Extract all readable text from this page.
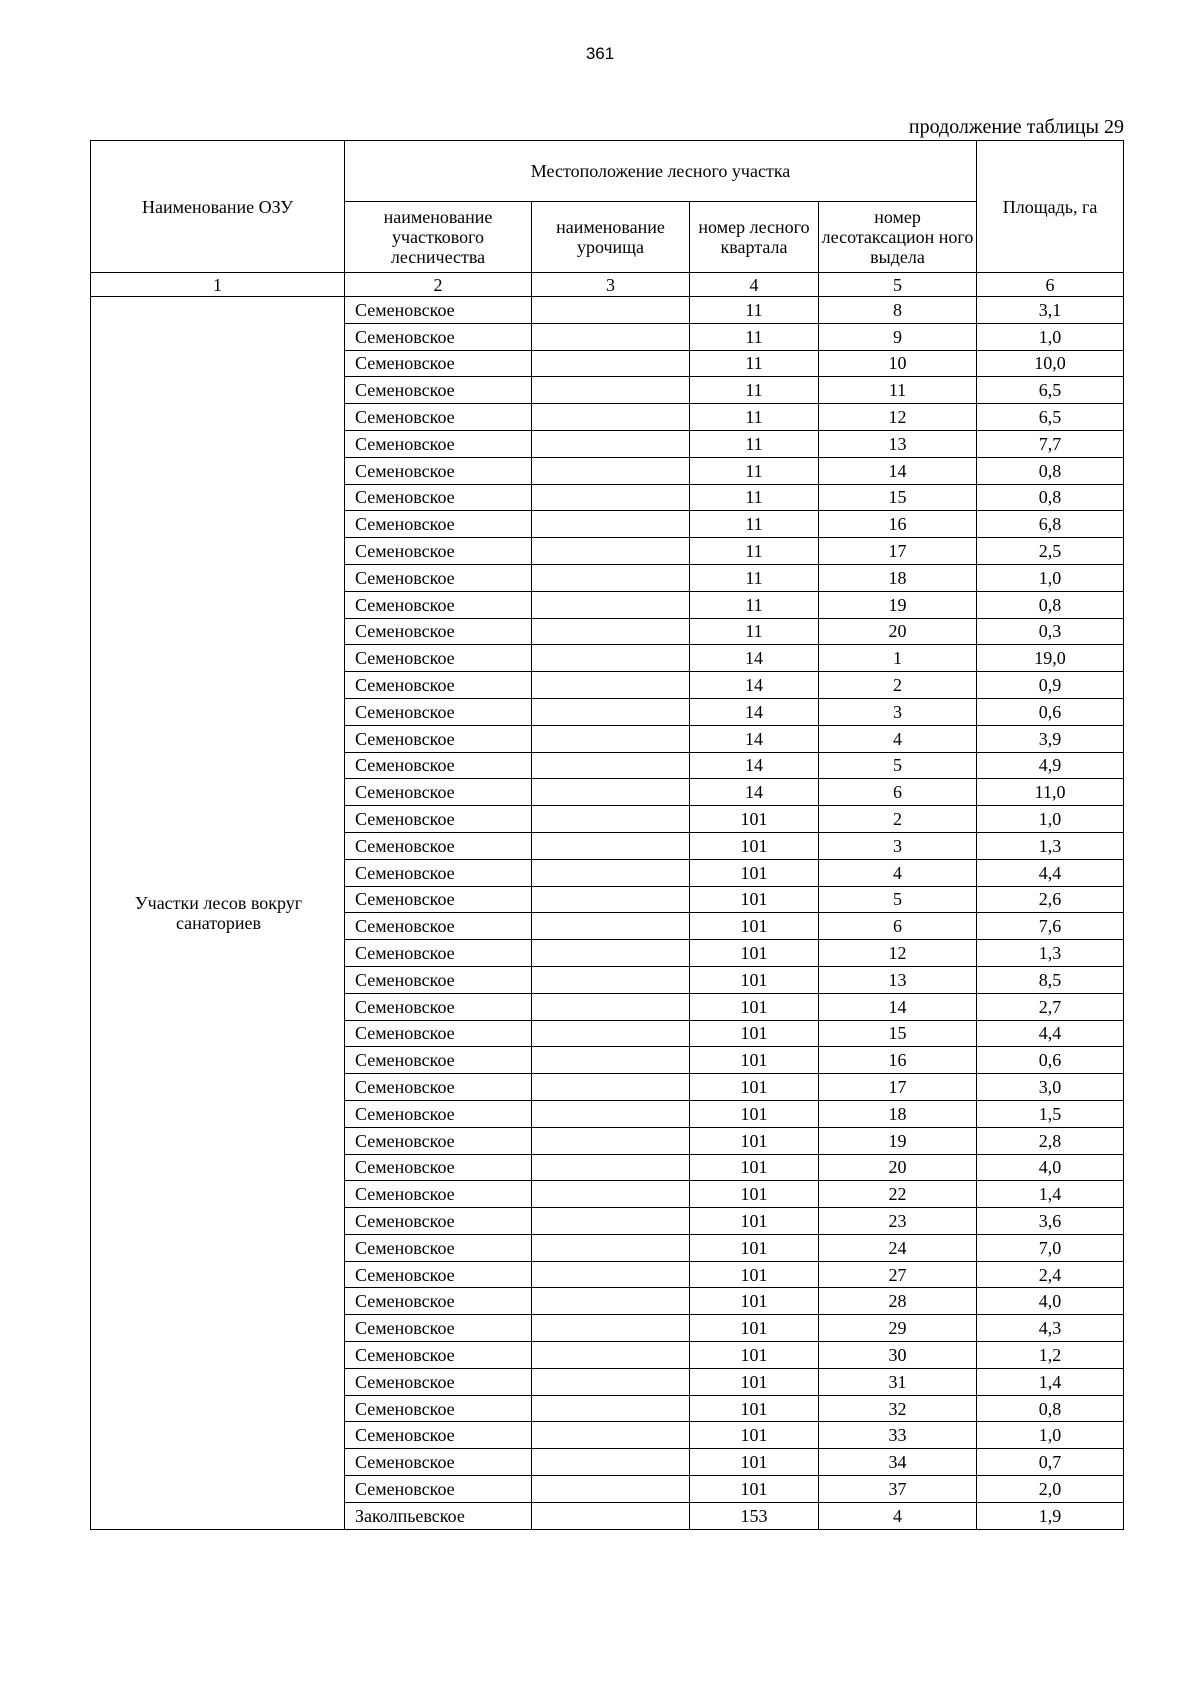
361
продолжение таблицы 29
Наименование ОЗУ	Местоположение лесного участка				Площадь, га
	наименование участкового лесничества	наименование урочища	номер лесного квартала	номер лесотаксацион ного выдела	
1	2	3	4	5	6
Участки лесов вокруг санаториев	Семеновское		11	8	3,1
	Семеновское		11	9	1,0
	Семеновское		11	10	10,0
	Семеновское		11	11	6,5
	Семеновское		11	12	6,5
	Семеновское		11	13	7,7
	Семеновское		11	14	0,8
	Семеновское		11	15	0,8
	Семеновское		11	16	6,8
	Семеновское		11	17	2,5
	Семеновское		11	18	1,0
	Семеновское		11	19	0,8
	Семеновское		11	20	0,3
	Семеновское		14	1	19,0
	Семеновское		14	2	0,9
	Семеновское		14	3	0,6
	Семеновское		14	4	3,9
	Семеновское		14	5	4,9
	Семеновское		14	6	11,0
	Семеновское		101	2	1,0
	Семеновское		101	3	1,3
	Семеновское		101	4	4,4
	Семеновское		101	5	2,6
	Семеновское		101	6	7,6
	Семеновское		101	12	1,3
	Семеновское		101	13	8,5
	Семеновское		101	14	2,7
	Семеновское		101	15	4,4
	Семеновское		101	16	0,6
	Семеновское		101	17	3,0
	Семеновское		101	18	1,5
	Семеновское		101	19	2,8
	Семеновское		101	20	4,0
	Семеновское		101	22	1,4
	Семеновское		101	23	3,6
	Семеновское		101	24	7,0
	Семеновское		101	27	2,4
	Семеновское		101	28	4,0
	Семеновское		101	29	4,3
	Семеновское		101	30	1,2
	Семеновское		101	31	1,4
	Семеновское		101	32	0,8
	Семеновское		101	33	1,0
	Семеновское		101	34	0,7
	Семеновское		101	37	2,0
	Заколпьевское		153	4	1,9
